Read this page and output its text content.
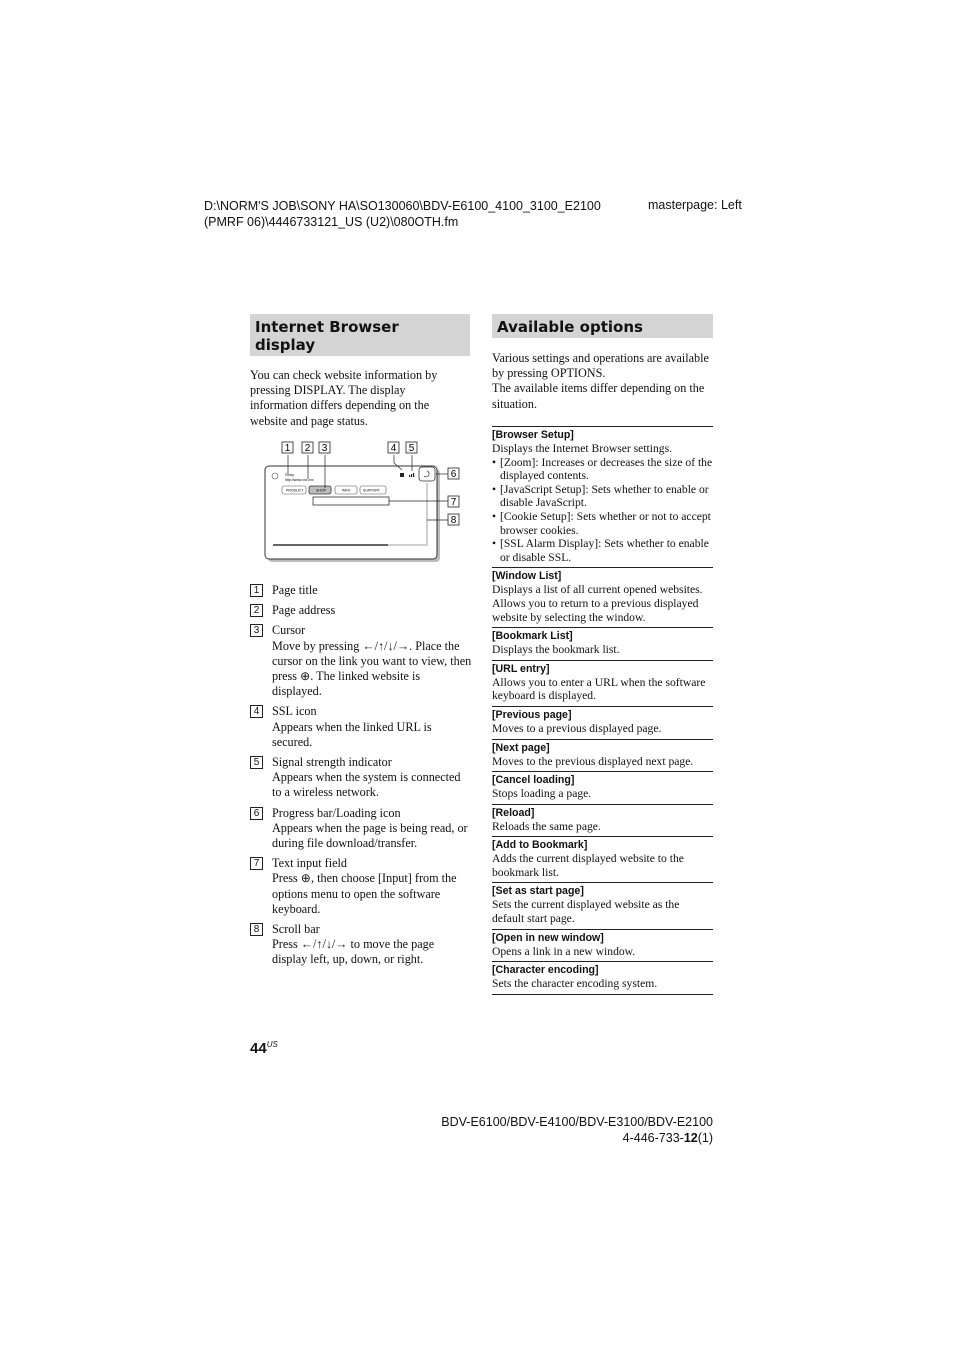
D:\NORM'S JOB\SONY HA\SO130060\BDV-E6100_4100_3100_E2100
(PMRF 06)\4446733121_US (U2)\080OTH.fm
masterpage: Left
Internet Browser
display
You can check website information by pressing DISPLAY. The display information differs depending on the website and page status.
Sony
http://www.xxx.xxx
PRODUCT	SHOP	INFO	SUPPORT
1 2 3	4 5
6
7
8
1	Page title
2	Page address
3	Cursor
Move by pressing ←/↑/↓/→. Place the cursor on the link you want to view, then press ⊕. The linked website is displayed.
4	SSL icon
Appears when the linked URL is secured.
5	Signal strength indicator
Appears when the system is connected to a wireless network.
6	Progress bar/Loading icon
Appears when the page is being read, or during file download/transfer.
7	Text input field
Press ⊕, then choose [Input] from the options menu to open the software keyboard.
8	Scroll bar
Press ←/↑/↓/→ to move the page display left, up, down, or right.
Available options
Various settings and operations are available by pressing OPTIONS.
The available items differ depending on the situation.
[Browser Setup]
Displays the Internet Browser settings.
• [Zoom]: Increases or decreases the size of the displayed contents.
• [JavaScript Setup]: Sets whether to enable or disable JavaScript.
• [Cookie Setup]: Sets whether or not to accept browser cookies.
• [SSL Alarm Display]: Sets whether to enable or disable SSL.
[Window List]
Displays a list of all current opened websites. Allows you to return to a previous displayed website by selecting the window.
[Bookmark List]
Displays the bookmark list.
[URL entry]
Allows you to enter a URL when the software keyboard is displayed.
[Previous page]
Moves to a previous displayed page.
[Next page]
Moves to the previous displayed next page.
[Cancel loading]
Stops loading a page.
[Reload]
Reloads the same page.
[Add to Bookmark]
Adds the current displayed website to the bookmark list.
[Set as start page]
Sets the current displayed website as the default start page.
[Open in new window]
Opens a link in a new window.
[Character encoding]
Sets the character encoding system.
$44^{US}$
BDV-E6100/BDV-E4100/BDV-E3100/BDV-E2100
4-446-733-12(1)
